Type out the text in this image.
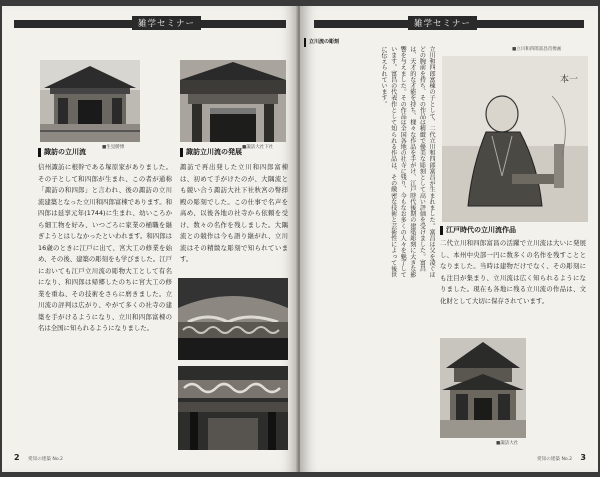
雑学セミナー
■生見勝博	■諏訪大社下社
諏訪の立川流	諏訪立川流の発展
信州諏訪に根幹である塚原家がありました。その子として和四郎が生まれ、この者が通称「諏訪の和四郎」と言われ、後の諏訪の立川流建築となった立川和四郎富棟であります。和四郎は延享元年(1744)に生まれ、幼いころから細工物を好み、いつごろに家業の桶職を継ぎようとはしなかったといわれます。和四郎は16歳のときに江戸に出て、宮大工の修業を始め、その後、建築の彫刻をも学びました。江戸においても江戸立川流の彫物大工として有名になり、和四郎は帰郷したのちに宮大工の修業を重ね、その技術をさらに磨きました。立川流の評判は広がり、やがて多くの社寺の建築を手がけるようになり、立川和四郎富棟の名は全国に知られるようになりました。
諏訪で再出発した立川和四郎富棟は、初めて手がけたのが、大隅流とも競い合う諏訪大社下社秋宮の幣拝殿の彫刻でした。この仕事で名声を高め、以後各地の社寺から依頼を受け、数々の名作を残しました。大隅流との競作は今も語り継がれ、立川流はその精緻な彫刻で知られています。
2 愛知の建築 No.2
雑学セミナー
立川和四郎富棟の子として、二代立川和四郎富昌が生まれました。富昌は父を凌ぐほどの腕前を持ち、その作品は精緻で優美な彫刻として高い評価を受けました。富昌は、天才的な才能を持ち、様々な作品を手がけ、江戸時代後期の建築彫刻に大きな影響を与えました。その作品は全国各地の社寺に残り、今もなお多くの人々を魅了しています。富昌の代表作として知られる作品は、その緻密な技術と芸術性によって後世に伝えられています。
立川流の彫刻
本一
■立川和四郎富昌肖像画
江戸時代の立川流作品
二代立川和四郎富昌の活躍で立川流は大いに発展し、本州中央部一円に数多くの名作を残すこととなりました。当時は建物だけでなく、その彫刻にも注目が集まり、立川流は広く知られるようになりました。現在も各地に残る立川流の作品は、文化財として大切に保存されています。
■諏訪大社
3
愛知の建築 No.2
